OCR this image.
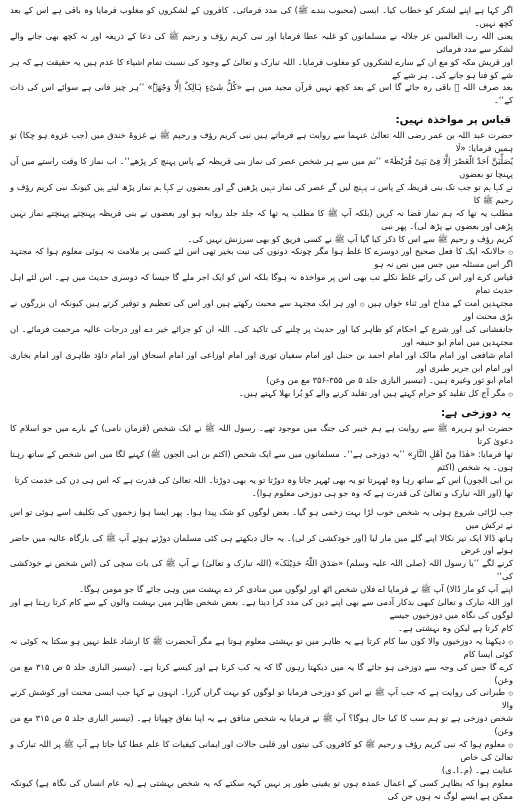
اگر کہا ہے اپنے لشکر کو خطاب کیا۔ ایسی (محبوب بندے ﷺ) کی مدد فرمائی۔ کافروں کے لشکروں کو مغلوب فرمایا وہ باقی ہے اس کے بعد کچھ نہیں۔

یعنی اللہ رب العالمین عز جلالہ نے مسلمانوں کو غلبہ عطا فرمایا اور نبی کریم رؤف و رحیم ﷺ کی دعا کے ذریعہ اور نہ کچھ بھی جانے والے لشکر سے مدد فرمائی

اور قریش مکہ کو مع ان کے سارے لشکروں کو مغلوب فرمایا۔ اللہ تبارک و تعالیٰ کے وجود کی نسبت تمام اشیاء کا عدم ہیں یہ حقیقت ہے کہ ہر شے کو فنا ہو جانے کی۔ ہر شے کے

بعد صرف اللہ ﷻ باقی رہ جائے گا اس کے بعد کچھ نہیں قرآن مجید میں ہے «کُلُّ شَیْءٍ ہَالِکٌ اِلَّا وَجْھَہٗ» ’’ہر چیز فانی ہے سوائے اس کی ذات کے‘‘۔

قیاس پر مواخذہ نہیں:

حضرت عبد اللہ بن عمر رضی اللہ تعالیٰ عنہما سے روایت ہے فرماتے ہیں نبی کریم رؤف و رحیم ﷺ نے غزوۂ خندق میں (جب غزوہ ہو چکا) تو ہمیں فرمایا: «لَا

یُصَلِّیَنَّ اَحَدٌ الْعَصْرَ اِلَّا فِیْ بَنِیْ قُرَیْظَۃَ» ’’تم میں سے ہر شخص عصر کی نماز بنی قریظہ کے پاس پہنچ کر پڑھے‘‘۔ اب نماز کا وقت راستے میں آن پہنچا تو بعضوں

نے کہا ہم تو جب تک بنی قریظہ کے پاس نہ پہنچ لیں گے عصر کی نماز نہیں پڑھیں گے اور بعضوں نے کہا ہم نماز پڑھ لیتے ہیں کیونکہ نبی کریم رؤف و رحیم ﷺ کا

مطلب یہ تھا کہ ہم نماز قضا نہ کریں (بلکہ آپ ﷺ کا مطلب یہ تھا کہ جلد جلد روانہ ہو اور بعضوں نے بنی قریظہ پہنچتے پہنچتے نماز نہیں پڑھی اور بعضوں نے پڑھ لی)۔ پھر نبی

کریم رؤف و رحیم ﷺ سے اس کا ذکر کیا گیا آپ ﷺ نے کسی فریق کو بھی سرزنش نہیں کی۔

۞ حالانکہ ایک کا فعل صحیح اور دوسرے کا غلط ہوا مگر چونکہ دونوں کی نیت بخیر تھی اس لئے کسی پر ملامت نہ ہوئی معلوم ہوا کہ مجتہد اگر اس مسئلہ میں جس میں نص نہ ہو

قیاس کرے اور اس کی رائے غلط نکلے تب بھی اس پر مواخذہ نہ ہوگا بلکہ اس کو ایک اجر ملے گا جیسا کہ دوسری حدیث میں ہے۔ اس لئے اہل حدیث تمام

مجتہدین امت کے مداح اور ثناء خواں ہیں ۞ اور ہر ایک مجتہد سے محبت رکھتے ہیں اور اس کی تعظیم و توقیر کرتے ہیں کیونکہ ان بزرگوں نے بڑی محنت اور

جانفشانی کی اور شرع کے احکام کو ظاہر کیا اور حدیث پر چلنے کی تاکید کی۔ اللہ ان کو جزائے خیر دے اور درجات عالیہ مرحمت فرمائے۔ ان مجتہدین میں امام ابو حنیفہ اور

امام شافعی اور امام مالک اور امام احمد بن حنبل اور امام سفیان ثوری اور امام اوزاعی اور امام اسحاق اور امام داؤد ظاہری اور امام بخاری اور امام ابن جریر طبری اور

امام ابو ثور وغیرہ ہیں۔ (تیسیر الباری جلد ۵ ص ۳۵۵-۳۵۶ مع من وعن)

۞ مگر آج کل تقلید کو حرام کہتے ہیں اور تقلید کرنے والے کو بُرا بھلا کہتے ہیں۔

یہ دوزخی ہے:

حضرت ابو ہریرہ ﷺ سے روایت ہے ہم خیبر کی جنگ میں موجود تھے۔ رسول اللہ ﷺ نے ایک شخص (قزمان نامی) کے بارے میں جو اسلام کا دعویٰ کرتا

تھا فرمایا: «ھٰذَا مِنْ اَھْلِ النَّارِ» ’’یہ دوزخی ہے‘‘۔ مسلمانوں میں سے ایک شخص (اکثم بن ابی الجون ﷺ) کہنے لگا میں اس شخص کے ساتھ رہتا ہوں۔ یہ شخص (اکثم

بن ابی الجون) اس کے ساتھ رہا وہ ٹھہرتا تو یہ بھی ٹھہر جاتا وہ دوڑتا تو یہ بھی دوڑتا۔ اللہ تعالیٰ کی قدرت ہے کہ اس ہی دن کی خدمت کرتا

تھا (اور اللہ تبارک و تعالیٰ کی قدرت ہے کہ وہ جو ہی دوزخی معلوم ہوا)۔

جب لڑائی شروع ہوئی یہ شخص خوب لڑا بہت زخمی ہو گیا۔ بعض لوگوں کو شک پیدا ہوا۔ پھر ایسا ہوا زخموں کی تکلیف اسے ہوئی تو اس نے ترکش میں

ہاتھ ڈالا ایک تیر نکالا اپنے گلے میں مار لیا (اور خودکشی کر لی)۔ یہ حال دیکھتے ہی کئی مسلمان دوڑتے ہوئے آپ ﷺ کی بارگاہ عالیہ میں حاضر ہوئے اور عرض

کرنے لگے ’’یا رسول اللہ (صلی اللہ علیہ وسلم) «صَدَقَ اللّٰہُ حَدِیْثَکَ» (اللہ تبارک و تعالیٰ) نے آپ ﷺ کی بات سچی کی (اس شخص نے خودکشی کی‘‘

اپنے آپ کو مار ڈالا) آپ ﷺ نے فرمایا اے فلاں شخص اٹھ اور لوگوں میں منادی کر دے بہشت میں وہی جائے گا جو مومن ہوگا۔

اور اللہ تبارک و تعالیٰ کبھی بدکار آدمی سے بھی اپنے دین کی مدد کرا دیتا ہے۔ بعض شخص ظاہر میں بہشت والوں کے سے کام کرتا رہتا ہے اور لوگوں کی نگاہ میں دوزخیوں جیسے

کام کرتا ہے لیکن وہ بہشتی ہے۔

۞ دیکھنا یہ دوزخیوں والا کون سا کام کرتا ہے یہ ظاہر میں تو بہشتی معلوم ہوتا ہے مگر آنحضرت ﷺ کا ارشاد غلط نہیں ہو سکتا یہ کوئی نہ کوئی ایسا کام

کرے گا جس کی وجہ سے دوزخی ہو جائے گا یہ میں دیکھتا رہوں گا کہ یہ کب کرتا ہے اور کیسے کرتا ہے۔ (تیسیر الباری جلد ۵ ص ۳۱۵ مع من وعن)

۞ طبرانی کی روایت ہے کہ جب آپ ﷺ نے اس کو دوزخی فرمایا تو لوگوں کو بہت گراں گزرا۔ انہوں نے کہا جب ایسی محنت اور کوشش کرنے والا

شخص دوزخی ہے تو ہم سب کا کیا حال ہوگا؟ آپ ﷺ نے فرمایا یہ شخص منافق ہے یہ اپنا نفاق چھپاتا ہے۔ (تیسیر الباری جلد ۵ ص ۳۱۵ مع من وعن)

۞ معلوم ہوا کہ نبی کریم رؤف و رحیم ﷺ کو کافروں کی نیتوں اور قلبی حالات اور ایمانی کیفیات کا علم عطا کیا جاتا ہے آپ ﷺ پر اللہ تبارک و تعالیٰ کی خاص

عنایت ہے۔ (م۔ا۔ی)

معلوم ہوا کہ بظاہر کسی کے اعمال عمدہ ہوں تو یقینی طور پر نہیں کہہ سکتے کہ یہ شخص بہشتی ہے (یہ عام انسان کی نگاہ ہے) کیونکہ ممکن ہے ایسے لوگ نہ ہوں جن کی
